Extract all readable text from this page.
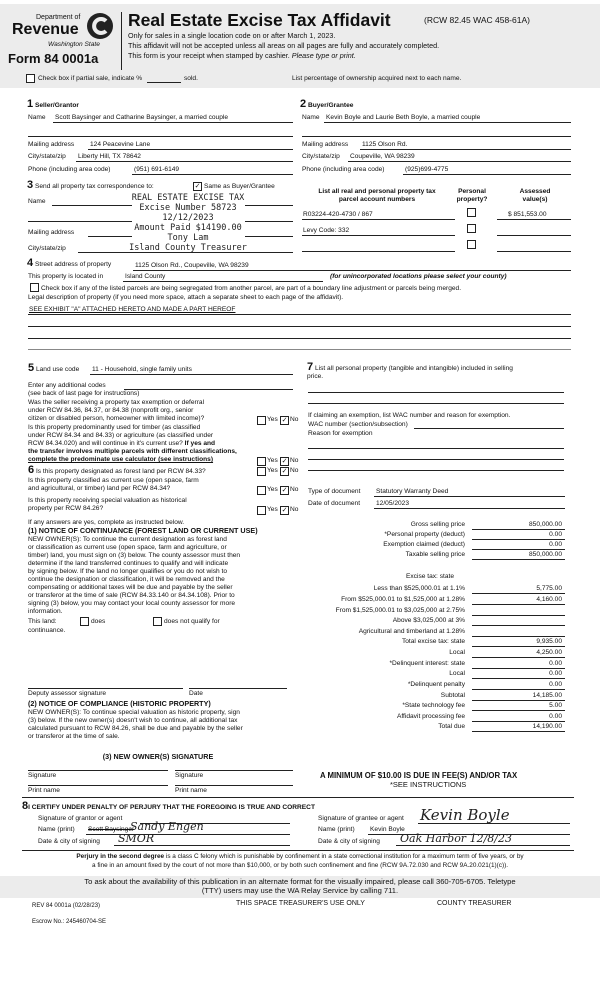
Department of
Revenue
Washington State
Form 84 0001a
Real Estate Excise Tax Affidavit	(RCW 82.45 WAC 458-61A)
Only for sales in a single location code on or after March 1, 2023.
This affidavit will not be accepted unless all areas on all pages are fully and accurately completed.
This form is your receipt when stamped by cashier. Please type or print.
Check box if partial sale, indicate %	sold.	List percentage of ownership acquired next to each name.
1 Seller/Grantor
Name Scott Baysinger and Catharine Baysinger, a married couple
Mailing address 124 Peacevine Lane
City/state/zip Liberty Hill, TX 78642
Phone (including area code)	(951) 691-6149
2 Buyer/Grantee
Name Kevin Boyle and Laurie Beth Boyle, a married couple
Mailing address 1125 Olson Rd.
City/state/zip Coupeville, WA 98239
Phone (including area code)	(925)699-4775
3 Send all property tax correspondence to:	✓ Same as Buyer/Grantee
Name
Mailing address
City/state/zip
REAL ESTATE EXCISE TAX
Excise Number 58723
12/12/2023
Amount Paid $14190.00
Tony Lam
Island County Treasurer
List all real and personal property tax
parcel account numbers
Personal
property?
Assessed
value(s)
R03224-420-4730 / 867	$ 851,553.00
Levy Code: 332
4 Street address of property	1125 Olson Rd., Coupeville, WA 98239
This property is located in	Island County	(for unincorporated locations please select your county)
Check box if any of the listed parcels are being segregated from another parcel, are part of a boundary line adjustment or parcels being merged.
Legal description of property (if you need more space, attach a separate sheet to each page of the affidavit).
SEE EXHIBIT "A" ATTACHED HERETO AND MADE A PART HEREOF
5 Land use code 11 - Household, single family units
Enter any additional codes
(see back of last page for instructions)
Was the seller receiving a property tax exemption or deferral
under RCW 84.36, 84.37, or 84.38 (nonprofit org., senior
citizen or disabled person, homeowner with limited income)?
Is this property predominantly used for timber (as classified
under RCW 84.34 and 84.33) or agriculture (as classified under
RCW 84.34.020) and will continue in it's current use? If yes and
the transfer involves multiple parcels with different classifications,
complete the predominate use calculator (see instructions)
6 Is this property designated as forest land per RCW 84.33?
Is this property classified as current use (open space, farm
and agricultural, or timber) land per RCW 84.34?
Is this property receiving special valuation as historical
property per RCW 84.26?
If any answers are yes, complete as instructed below.
(1) NOTICE OF CONTINUANCE (FOREST LAND OR CURRENT USE)
NEW OWNER(S): To continue the current designation as forest land
or classification as current use (open space, farm and agriculture, or
timber) land, you must sign on (3) below. The county assessor must then
determine if the land transferred continues to qualify and will indicate
by signing below. If the land no longer qualifies or you do not wish to
continue the designation or classification, it will be removed and the
compensating or additional taxes will be due and payable by the seller
or transferor at the time of sale (RCW 84.33.140 or 84.34.108). Prior to
signing (3) below, you may contact your local county assessor for more
information.
This land:	does	does not qualify for
continuance.
Deputy assessor signature	Date
(2) NOTICE OF COMPLIANCE (HISTORIC PROPERTY)
NEW OWNER(S): To continue special valuation as historic property, sign
(3) below. If the new owner(s) doesn't wish to continue, all additional tax
calculated pursuant to RCW 84.26, shall be due and payable by the seller
or transferor at the time of sale.
(3) NEW OWNER(S) SIGNATURE
Signature	Signature
Print name	Print name
7 List all personal property (tangible and intangible) included in selling
price.
If claiming an exemption, list WAC number and reason for exemption.
WAC number (section/subsection)
Reason for exemption
Type of document Statutory Warranty Deed
Date of document 12/05/2023
Gross selling price	850,000.00
*Personal property (deduct)	0.00
Exemption claimed (deduct)	0.00
Taxable selling price	850,000.00
Excise tax: state
Less than $525,000.01 at 1.1%	5,775.00
From $525,000.01 to $1,525,000 at 1.28%	4,160.00
From $1,525,000.01 to $3,025,000 at 2.75%
Above $3,025,000 at 3%
Agricultural and timberland at 1.28%
Total excise tax: state	9,935.00
Local	4,250.00
*Delinquent interest: state	0.00
Local	0.00
*Delinquent penalty	0.00
Subtotal	14,185.00
*State technology fee	5.00
Affidavit processing fee	0.00
Total due	14,190.00
A MINIMUM OF $10.00 IS DUE IN FEE(S) AND/OR TAX
*SEE INSTRUCTIONS
8I CERTIFY UNDER PENALTY OF PERJURY THAT THE FOREGOING IS TRUE AND CORRECT
Signature of grantor or agent
Name (print) Scott Baysinger
Sandy Engen
Date & city of signing SMOR
Signature of grantee or agent Kevin Boyle
Name (print) Kevin Boyle
Date & city of signing Oak Harbor 12/8/23
Perjury in the second degree is a class C felony which is punishable by confinement in a state correctional institution for a maximum term of five years, or by
a fine in an amount fixed by the court of not more than $10,000, or by both such confinement and fine (RCW 9A.72.030 and RCW 9A.20.021(1)(c)).
To ask about the availability of this publication in an alternate format for the visually impaired, please call 360-705-6705. Teletype
(TTY) users may use the WA Relay Service by calling 711.
REV 84 0001a (02/28/23)	THIS SPACE TREASURER'S USE ONLY	COUNTY TREASURER
Escrow No.: 245460704-SE
Yes ✓ No
Yes ✓ No
Yes ✓ No
Yes ✓ No
Yes ✓ No
